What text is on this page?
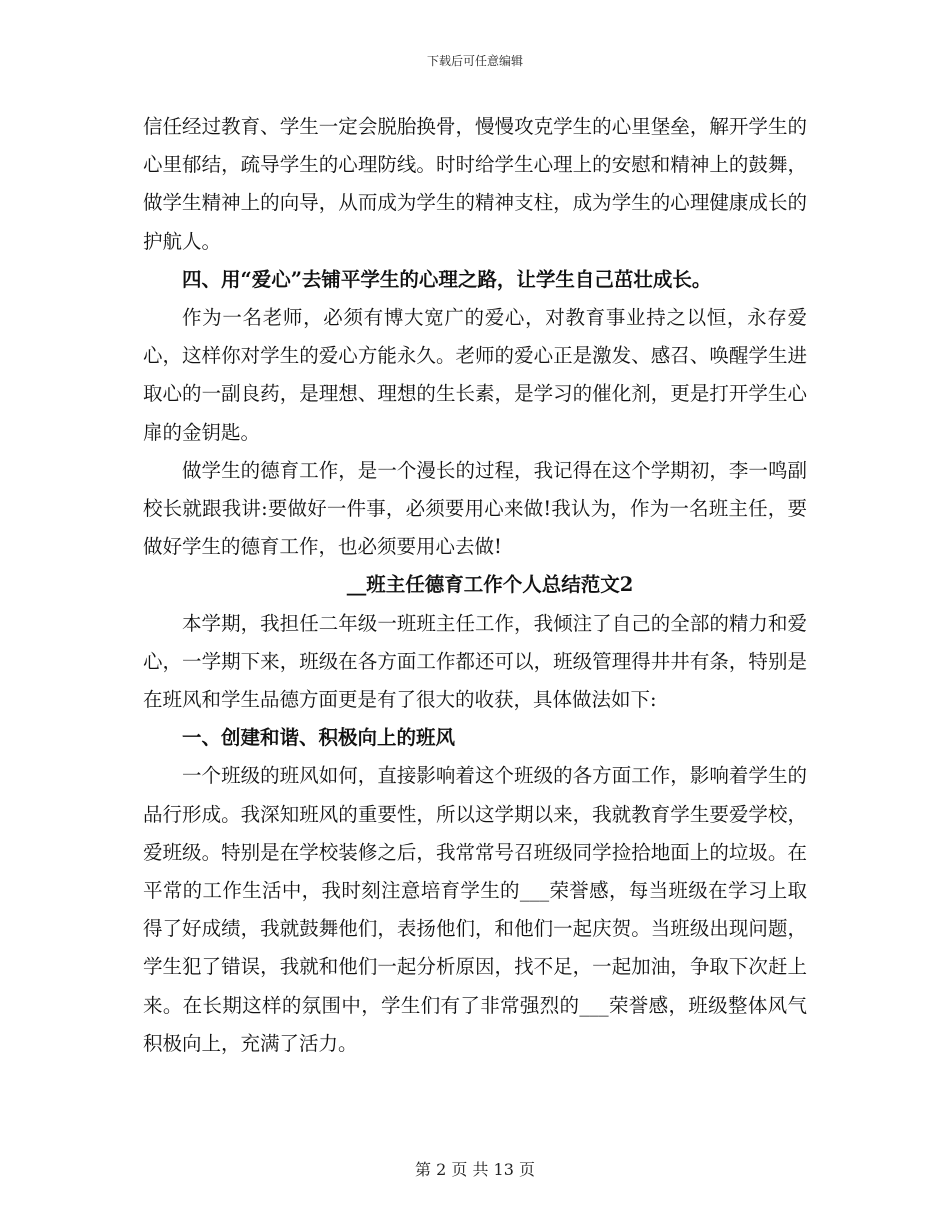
下载后可任意编辑

信任经过教育、学生一定会脱胎换骨，慢慢攻克学生的心里堡垒，解开学生的心里郁结，疏导学生的心理防线。时时给学生心理上的安慰和精神上的鼓舞，做学生精神上的向导，从而成为学生的精神支柱，成为学生的心理健康成长的护航人。

四、用“爱心”去铺平学生的心理之路，让学生自己茁壮成长。

作为一名老师，必须有博大宽广的爱心，对教育事业持之以恒，永存爱心，这样你对学生的爱心方能永久。老师的爱心正是激发、感召、唤醒学生进取心的一副良药，是理想、理想的生长素，是学习的催化剂，更是打开学生心扉的金钥匙。

做学生的德育工作，是一个漫长的过程，我记得在这个学期初，李一鸣副校长就跟我讲:要做好一件事，必须要用心来做!我认为，作为一名班主任，要做好学生的德育工作，也必须要用心去做!

__班主任德育工作个人总结范文2

本学期，我担任二年级一班班主任工作，我倾注了自己的全部的精力和爱心，一学期下来，班级在各方面工作都还可以，班级管理得井井有条，特别是在班风和学生品德方面更是有了很大的收获，具体做法如下:

一、创建和谐、积极向上的班风

一个班级的班风如何，直接影响着这个班级的各方面工作，影响着学生的品行形成。我深知班风的重要性，所以这学期以来，我就教育学生要爱学校，爱班级。特别是在学校装修之后，我常常号召班级同学捡拾地面上的垃圾。在平常的工作生活中，我时刻注意培育学生的___荣誉感，每当班级在学习上取得了好成绩，我就鼓舞他们，表扬他们，和他们一起庆贺。当班级出现问题，学生犯了错误，我就和他们一起分析原因，找不足，一起加油，争取下次赶上来。在长期这样的氛围中，学生们有了非常强烈的___荣誉感，班级整体风气积极向上，充满了活力。

第 2 页 共 13 页
